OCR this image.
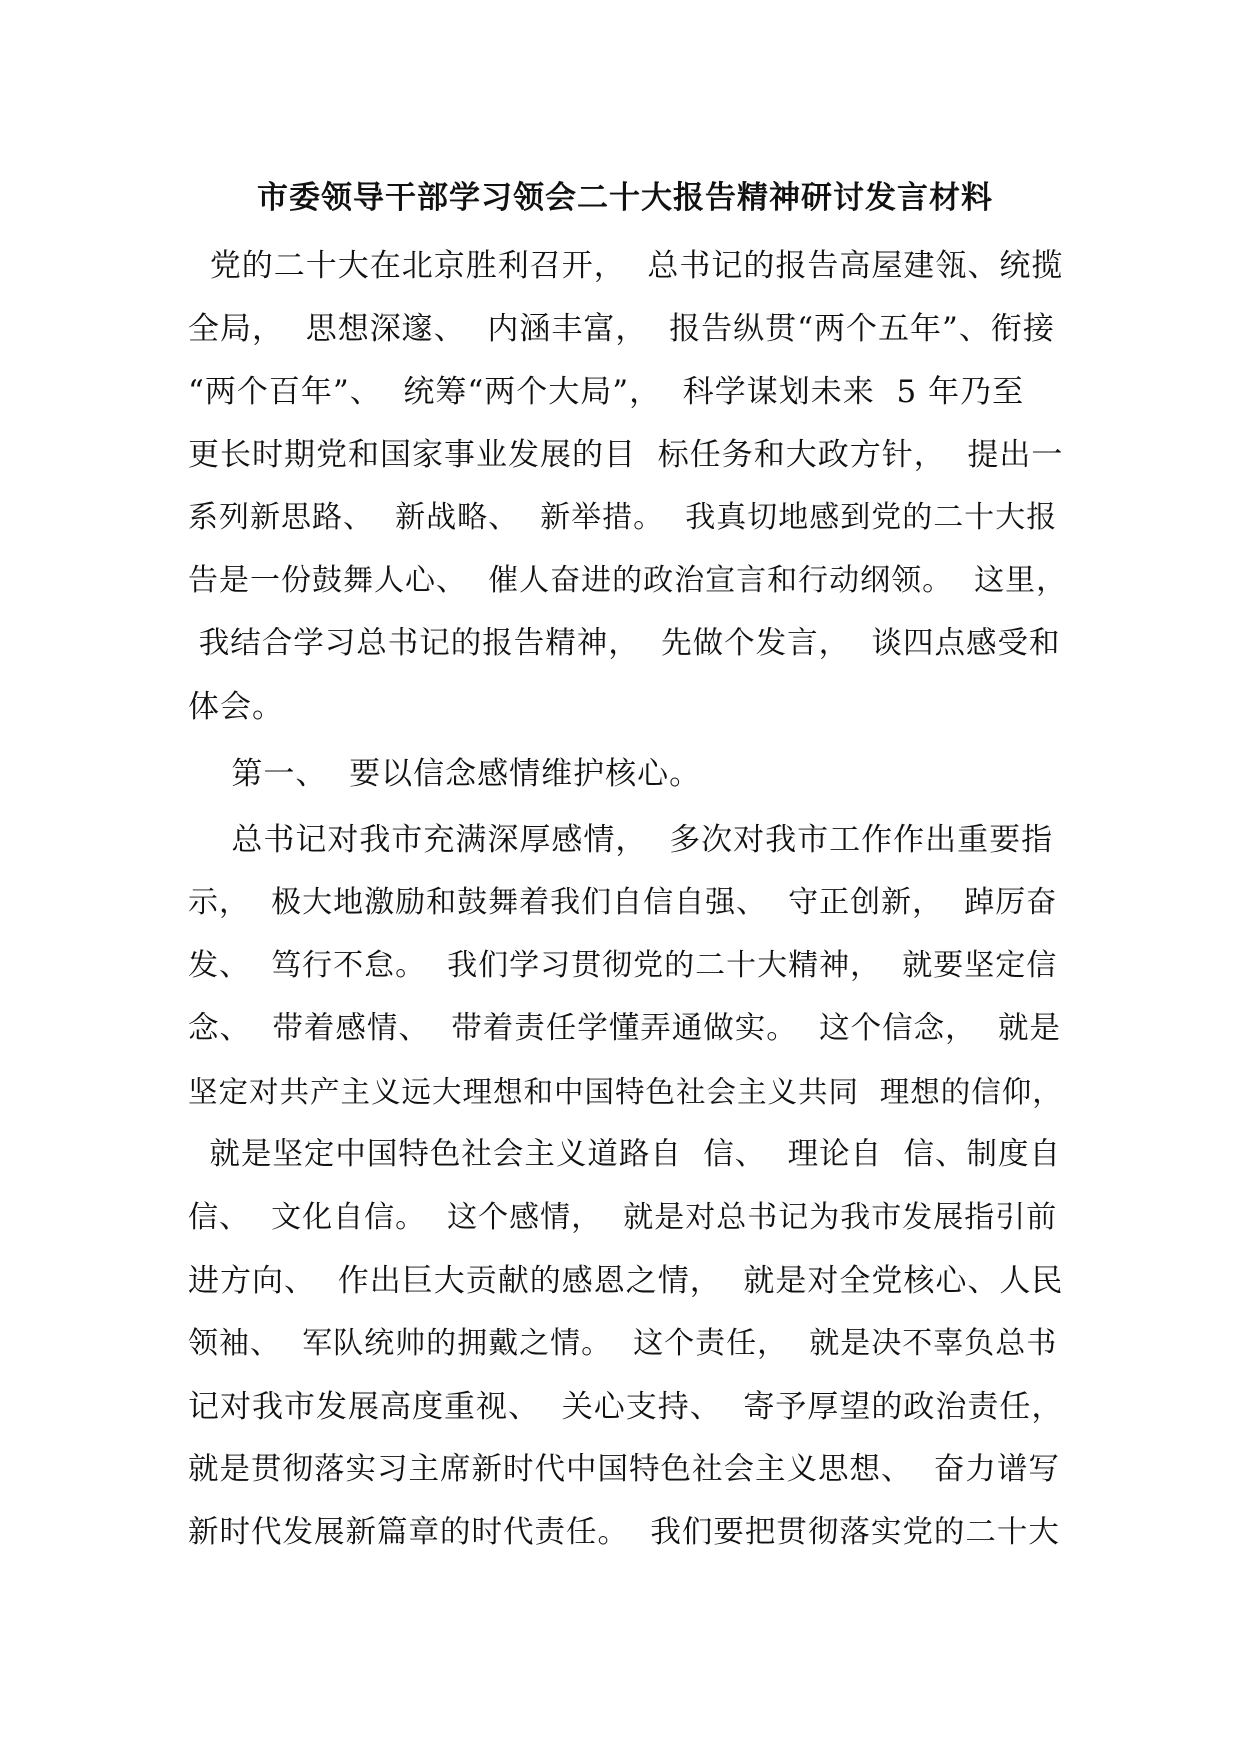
市委领导干部学习领会二十大报告精神研讨发言材料

党的二十大在北京胜利召开，  总书记的报告高屋建瓴、统揽

全局，  思想深邃、  内涵丰富，  报告纵贯“两个五年”、衔接

“两个百年”、  统筹“两个大局”，  科学谋划未来  5 年乃至

更长时期党和国家事业发展的目  标任务和大政方针，  提出一

系列新思路、  新战略、  新举措。  我真切地感到党的二十大报

告是一份鼓舞人心、  催人奋进的政治宣言和行动纲领。  这里，

我结合学习总书记的报告精神，  先做个发言，  谈四点感受和

体会。

第一、  要以信念感情维护核心。

总书记对我市充满深厚感情，  多次对我市工作作出重要指

示，  极大地激励和鼓舞着我们自信自强、  守正创新，  踔厉奋

发、  笃行不怠。  我们学习贯彻党的二十大精神，  就要坚定信

念、  带着感情、  带着责任学懂弄通做实。  这个信念，  就是

坚定对共产主义远大理想和中国特色社会主义共同  理想的信仰，

就是坚定中国特色社会主义道路自  信、  理论自  信、制度自

信、  文化自信。  这个感情，  就是对总书记为我市发展指引前

进方向、  作出巨大贡献的感恩之情，  就是对全党核心、人民

领袖、  军队统帅的拥戴之情。  这个责任，  就是决不辜负总书

记对我市发展高度重视、  关心支持、  寄予厚望的政治责任，

就是贯彻落实习主席新时代中国特色社会主义思想、  奋力谱写

新时代发展新篇章的时代责任。  我们要把贯彻落实党的二十大
